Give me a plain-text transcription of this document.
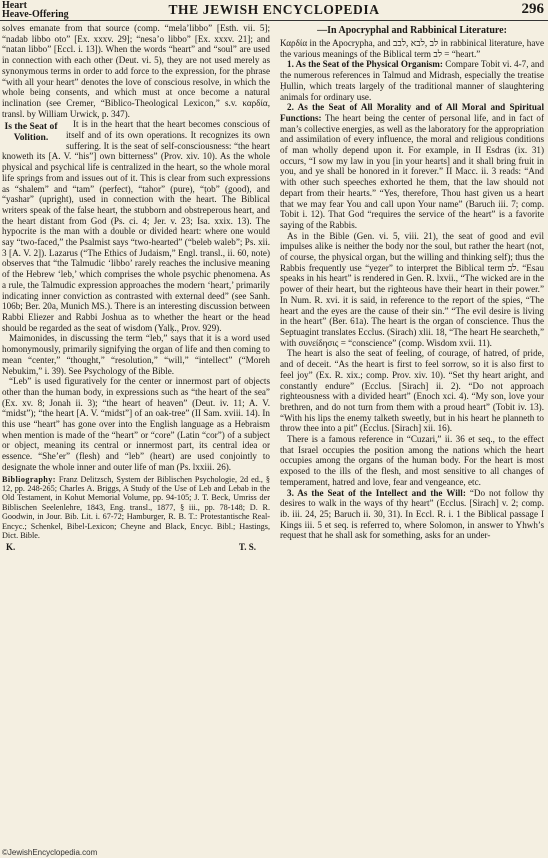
Heart
Heave-Offering	THE JEWISH ENCYCLOPEDIA	296

solves emanate from that source (comp. “mela’libbo” [Esth. vii. 5]; “nadab libbo oto” [Ex. xxxv. 29]; “nesa’o libbo” [Ex. xxxv. 21]; and “natan libbo” [Eccl. i. 13]). When the words “heart” and “soul” are used in connection with each other (Deut. vi. 5), they are not used merely as synonymous terms in order to add force to the expression, for the phrase “with all your heart” denotes the love of conscious resolve, in which the whole being consents, and which must at once become a natural inclination (see Cremer, “Biblico-Theological Lexicon,” s.v. καρδία, transl. by William Urwick, p. 347).

Is the Seat of Volition.

It is in the heart that the heart becomes conscious of itself and of its own operations. It recognizes its own suffering. It is the seat of self-consciousness: “the heart knoweth its [A. V. “his”] own bitterness” (Prov. xiv. 10). As the whole physical and psychical life is centralized in the heart, so the whole moral life springs from and issues out of it. This is clear from such expressions as “shalem” and “tam” (perfect), “tahor” (pure), “ṭob” (good), and “yashar” (upright), used in connection with the heart. The Biblical writers speak of the false heart, the stubborn and obstreperous heart, and the heart distant from God (Ps. ci. 4; Jer. v. 23; Isa. xxix. 13). The hypocrite is the man with a double or divided heart: where one would say “two-faced,” the Psalmist says “two-hearted” (“beleb waleb”; Ps. xii. 3 [A. V. 2]). Lazarus (“The Ethics of Judaism,” Engl. transl., ii. 60, note) observes that “the Talmudic ‘libbo’ rarely reaches the inclusive meaning of the Hebrew ‘leb,’ which comprises the whole psychic phenomena. As a rule, the Talmudic expression approaches the modern ‘heart,’ primarily indicating inner conviction as contrasted with external deed” (see Sanh. 106b; Ber. 20a, Munich MS.). There is an interesting discussion between Rabbi Eliezer and Rabbi Joshua as to whether the heart or the head should be regarded as the seat of wisdom (Yalḳ., Prov. 929).

Maimonides, in discussing the term “leb,” says that it is a word used homonymously, primarily signifying the organ of life and then coming to mean “center,” “thought,” “resolution,” “will,” “intellect” (“Moreh Nebukim,” i. 39). See Psychology of the Bible.

“Leb” is used figuratively for the center or innermost part of objects other than the human body, in expressions such as “the heart of the sea” (Ex. xv. 8; Jonah ii. 3); “the heart of heaven” (Deut. iv. 11; A. V. “midst”); “the heart [A. V. “midst”] of an oak-tree” (II Sam. xviii. 14). In this use “heart” has gone over into the English language as a Hebraism when mention is made of the “heart” or “core” (Latin “cor”) of a subject or object, meaning its central or innermost part, its central idea or essence. “She’er” (flesh) and “leb” (heart) are used conjointly to designate the whole inner and outer life of man (Ps. lxxiii. 26).

Bibliography: Franz Delitzsch, System der Biblischen Psychologie, 2d ed., § 12, pp. 248-265; Charles A. Briggs, A Study of the Use of Leb and Lebab in the Old Testament, in Kohut Memorial Volume, pp. 94-105; J. T. Beck, Umriss der Biblischen Seelenlehre, 1843, Eng. transl., 1877, § iii., pp. 78-148; D. R. Goodwin, in Jour. Bib. Lit. i. 67-72; Hamburger, R. B. T.: Protestantische Real-Encyc.; Schenkel, Bibel-Lexicon; Cheyne and Black, Encyc. Bibl.; Hastings, Dict. Bible.

K.	T. S.
—In Apocryphal and Rabbinical Literature:

Καρδία in the Apocrypha, and לב ,לבא ,לבב in rabbinical literature, have the various meanings of the Biblical term לב = “heart.”

1. As the Seat of the Physical Organism: Compare Tobit vi. 4-7, and the numerous references in Talmud and Midrash, especially the treatise Ḥullin, which treats largely of the traditional manner of slaughtering animals for ordinary use.

2. As the Seat of All Morality and of All Moral and Spiritual Functions: The heart being the center of personal life, and in fact of man’s collective energies, as well as the laboratory for the appropriation and assimilation of every influence, the moral and religious conditions of man wholly depend upon it. For example, in II Esdras (ix. 31) occurs, “I sow my law in you [in your hearts] and it shall bring fruit in you, and ye shall be honored in it forever.” II Macc. ii. 3 reads: “And with other such speeches exhorted he them, that the law should not depart from their hearts.” “Yes, therefore, Thou hast given us a heart that we may fear You and call upon Your name” (Baruch iii. 7; comp. Tobit i. 12). That God “requires the service of the heart” is a favorite saying of the Rabbis.

As in the Bible (Gen. vi. 5, viii. 21), the seat of good and evil impulses alike is neither the body nor the soul, but rather the heart (not, of course, the physical organ, but the willing and thinking self); thus the Rabbis frequently use “yeẓer” to interpret the Biblical term לב. “Esau speaks in his heart” is rendered in Gen. R. lxvii., “The wicked are in the power of their heart, but the righteous have their heart in their power.” In Num. R. xvi. it is said, in reference to the report of the spies, “The heart and the eyes are the cause of their sin.” “The evil desire is living in the heart” (Ber. 61a). The heart is the organ of conscience. Thus the Septuagint translates Ecclus. (Sirach) xlii. 18, “The heart He searcheth,” with συνείδησις = “conscience” (comp. Wisdom xvii. 11).

The heart is also the seat of feeling, of courage, of hatred, of pride, and of deceit. “As the heart is first to feel sorrow, so it is also first to feel joy” (Ex. R. xix.; comp. Prov. xiv. 10). “Set thy heart aright, and constantly endure” (Ecclus. [Sirach] ii. 2). “Do not approach righteousness with a divided heart” (Enoch xci. 4). “My son, love your brethren, and do not turn from them with a proud heart” (Tobit iv. 13). “With his lips the enemy talketh sweetly, but in his heart he planneth to throw thee into a pit” (Ecclus. [Sirach] xii. 16).

There is a famous reference in “Cuzari,” ii. 36 et seq., to the effect that Israel occupies the position among the nations which the heart occupies among the organs of the human body. For the heart is most exposed to the ills of the flesh, and most sensitive to all changes of temperament, hatred and love, fear and vengeance, etc.

3. As the Seat of the Intellect and the Will: “Do not follow thy desires to walk in the ways of thy heart” (Ecclus. [Sirach] v. 2; comp. ib. iii. 24, 25; Baruch ii. 30, 31). In Eccl. R. i. 1 the Biblical passage I Kings iii. 5 et seq. is referred to, where Solomon, in answer to Yhwh’s request that he shall ask for something, asks for an under-

©JewishEncyclopedia.com
